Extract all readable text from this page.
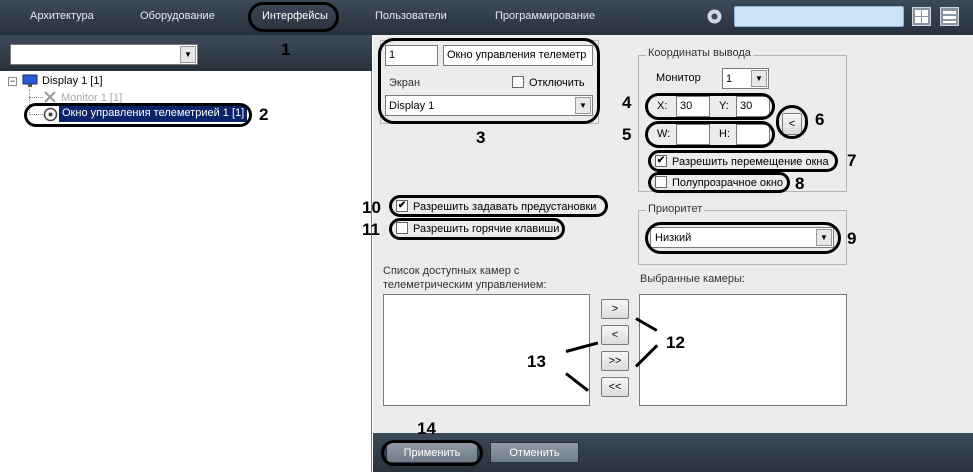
Архитектура	Оборудование	Интерфейсы	Пользователи	Программирование
▼
− Display 1 [1]
Monitor 1 [1]
Окно управления телеметрией 1 [1]
1	Окно управления телеметр
Экран	Отключить
Display 1	▼
Координаты вывода
Монитор 1	▼
X:	30	Y:	30
W:	H:
<
✔ Разрешить перемещение окна
Полупрозрачное окно
✔ Разрешить задавать предустановки
Разрешить горячие клавиши
Приоритет
Низкий	▼
Список доступных камер с
телеметрическим управлением:	Выбранные камеры:
>
<
>>
<<
Применить	Отменить
1
2
3
4
5
6
7
8
9
10
11
12
13
14
